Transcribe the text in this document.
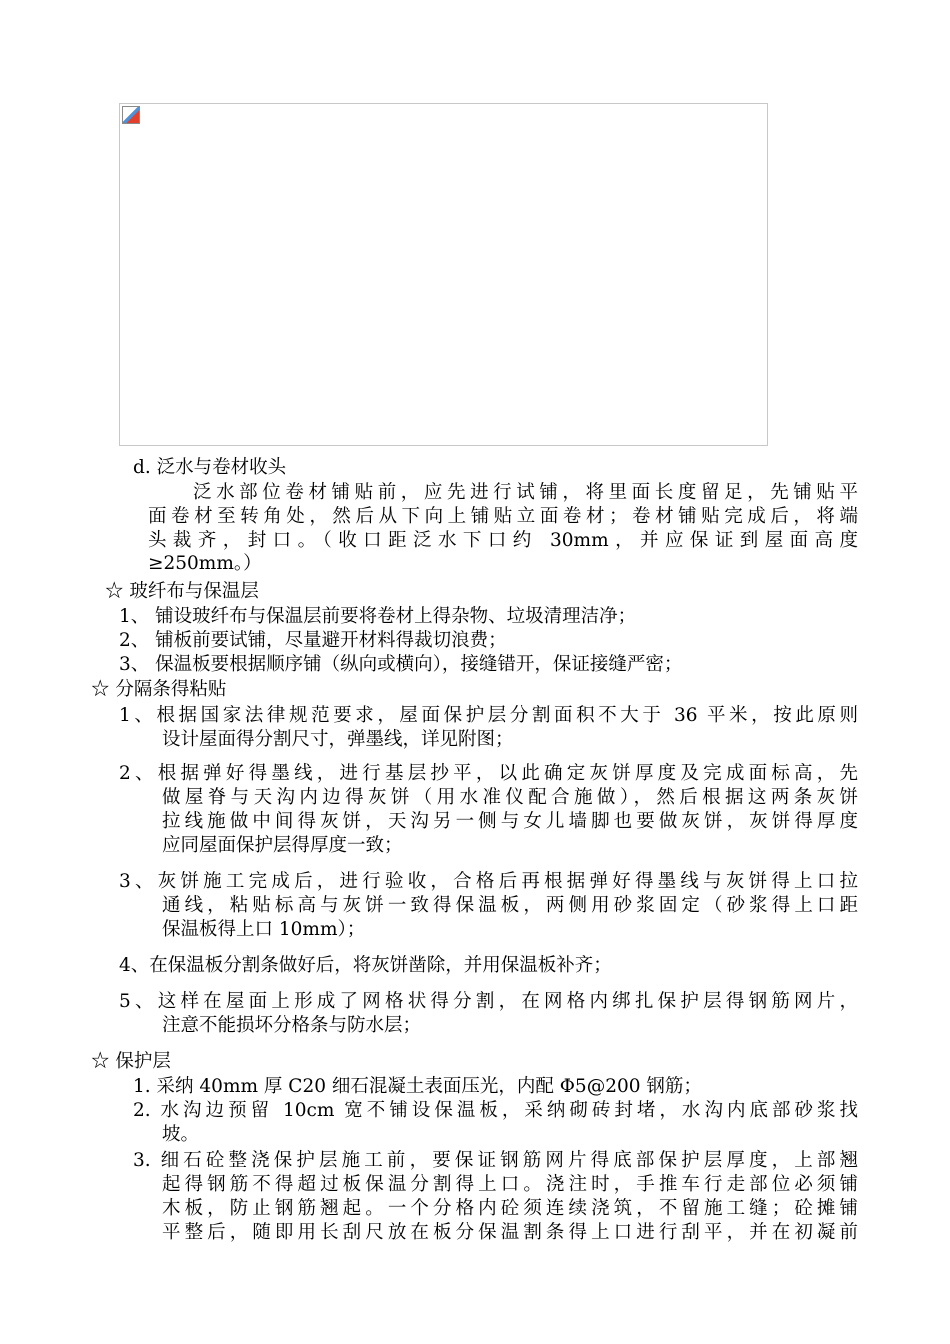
d. 泛水与卷材收头
泛水部位卷材铺贴前，应先进行试铺，将里面长度留足，先铺贴平
面卷材至转角处，然后从下向上铺贴立面卷材；卷材铺贴完成后，将端
头裁齐，封口。（收口距泛水下口约 30mm，并应保证到屋面高度
≥250mm。）
☆ 玻纤布与保温层
1、 铺设玻纤布与保温层前要将卷材上得杂物、垃圾清理洁净；
2、 铺板前要试铺，尽量避开材料得裁切浪费；
3、 保温板要根据顺序铺（纵向或横向），接缝错开，保证接缝严密；
☆ 分隔条得粘贴
1、根据国家法律规范要求，屋面保护层分割面积不大于 36 平米，按此原则
设计屋面得分割尺寸，弹墨线，详见附图；
2、根据弹好得墨线，进行基层抄平，以此确定灰饼厚度及完成面标高，先
做屋脊与天沟内边得灰饼（用水准仪配合施做），然后根据这两条灰饼
拉线施做中间得灰饼，天沟另一侧与女儿墙脚也要做灰饼，灰饼得厚度
应同屋面保护层得厚度一致；
3、灰饼施工完成后，进行验收，合格后再根据弹好得墨线与灰饼得上口拉
通线，粘贴标高与灰饼一致得保温板，两侧用砂浆固定（砂浆得上口距
保温板得上口 10mm）；
4、在保温板分割条做好后，将灰饼凿除，并用保温板补齐；
5、这样在屋面上形成了网格状得分割，在网格内绑扎保护层得钢筋网片，
注意不能损坏分格条与防水层；
☆ 保护层
1. 采纳 40mm 厚 C20 细石混凝土表面压光，内配 Φ5@200 钢筋；
2. 水沟边预留 10cm 宽不铺设保温板，采纳砌砖封堵，水沟内底部砂浆找
坡。
3. 细石砼整浇保护层施工前，要保证钢筋网片得底部保护层厚度，上部翘
起得钢筋不得超过板保温分割得上口。浇注时，手推车行走部位必须铺
木板，防止钢筋翘起。一个分格内砼须连续浇筑，不留施工缝；砼摊铺
平整后，随即用长刮尺放在板分保温割条得上口进行刮平，并在初凝前
